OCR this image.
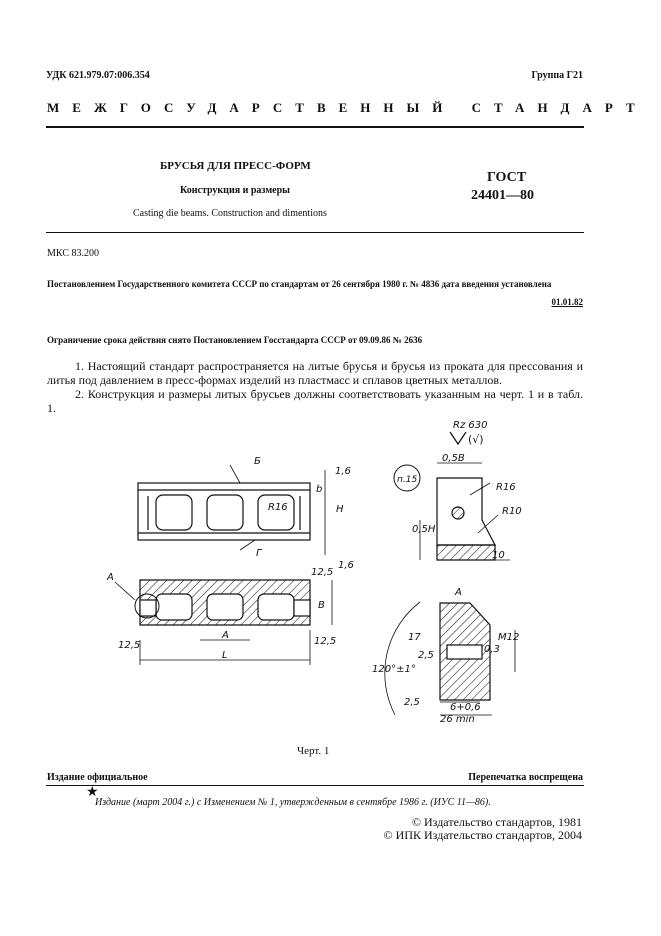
УДК 621.979.07:006.354	Группа Г21
МЕЖГОСУДАРСТВЕННЫЙ СТАНДАРТ
БРУСЬЯ ДЛЯ ПРЕСС-ФОРМ
Конструкция и размеры
Casting die beams. Construction and dimentions
ГОСТ
24401—80
МКС 83.200
Постановлением Государственного комитета СССР по стандартам от 26 сентября 1980 г. № 4836 дата введения установлена
01.01.82
Ограничение срока действия снято Постановлением Госстандарта СССР от 09.09.86 № 2636
1. Настоящий стандарт распространяется на литые брусья и брусья из проката для прессования и литья под давлением в пресс-формах изделий из пластмасс и сплавов цветных металлов.
2. Конструкция и размеры литых брусьев должны соответствовать указанным на черт. 1 и в табл. 1.
Б
Г
А
1,6
1,6
b
H
B
R16
R16
R10
12,5
12,5	12,5
A
L
0,5B
0,5H
10
п.15
Rz 630
А
17
2,5
0,3
M12
120°±1°
2,5	6+0,6
26 min
(√)
Черт. 1
Издание официальное	Перепечатка воспрещена
★
Издание (март 2004 г.) с Изменением № 1, утвержденным в сентябре 1986 г. (ИУС 11—86).
© Издательство стандартов, 1981
© ИПК Издательство стандартов, 2004
